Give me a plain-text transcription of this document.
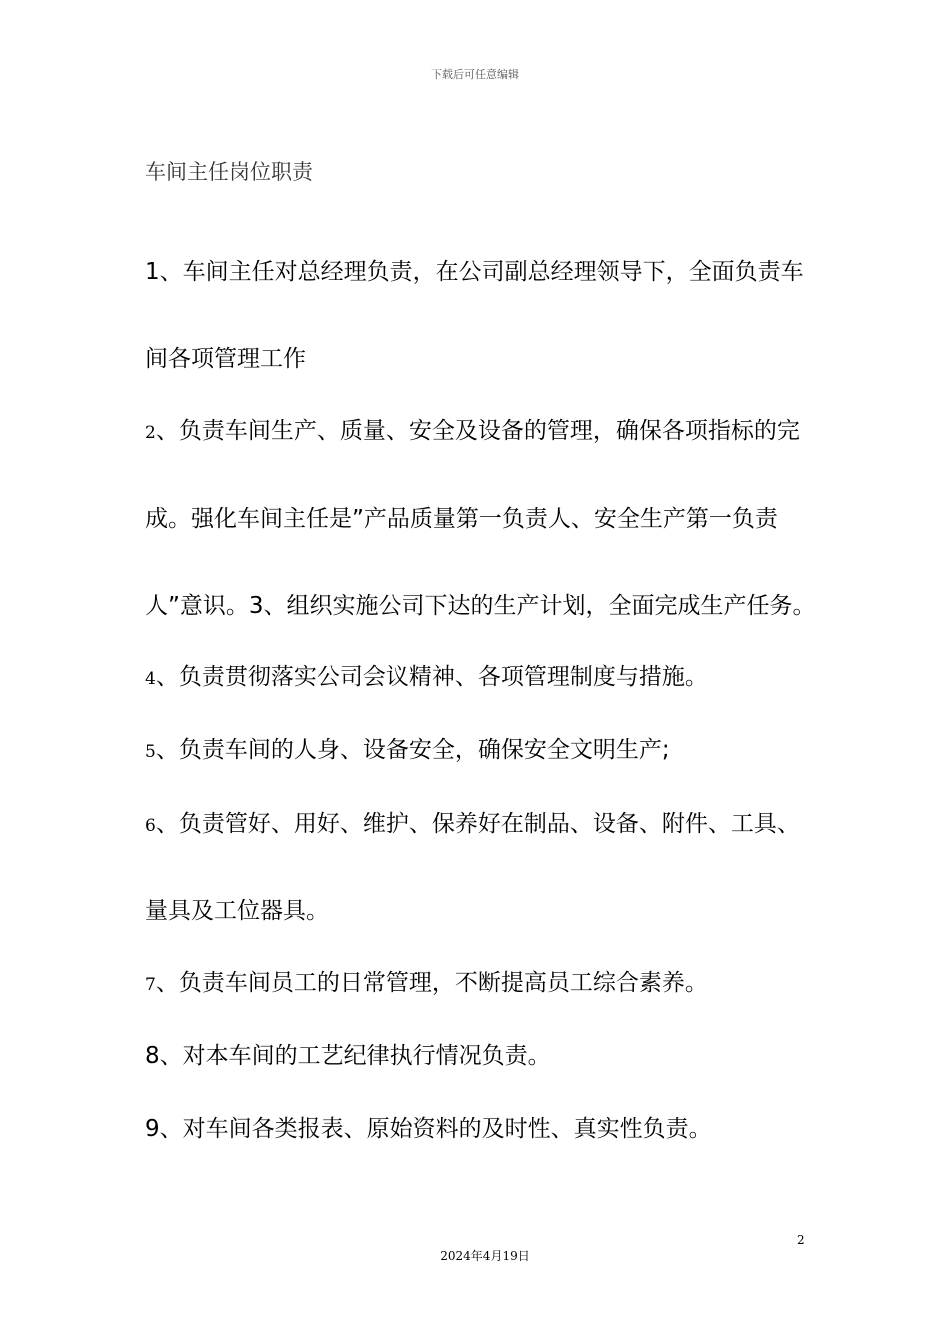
下载后可任意编辑
车间主任岗位职责
1、车间主任对总经理负责，在公司副总经理领导下，全面负责车
间各项管理工作
2、负责车间生产、质量、安全及设备的管理，确保各项指标的完
成。强化车间主任是”产品质量第一负责人、安全生产第一负责
人”意识。3、组织实施公司下达的生产计划，全面完成生产任务。
4、负责贯彻落实公司会议精神、各项管理制度与措施。
5、负责车间的人身、设备安全，确保安全文明生产;
6、负责管好、用好、维护、保养好在制品、设备、附件、工具、
量具及工位器具。
7、负责车间员工的日常管理，不断提高员工综合素养。
8、对本车间的工艺纪律执行情况负责。
9、对车间各类报表、原始资料的及时性、真实性负责。
2
2024年4月19日
